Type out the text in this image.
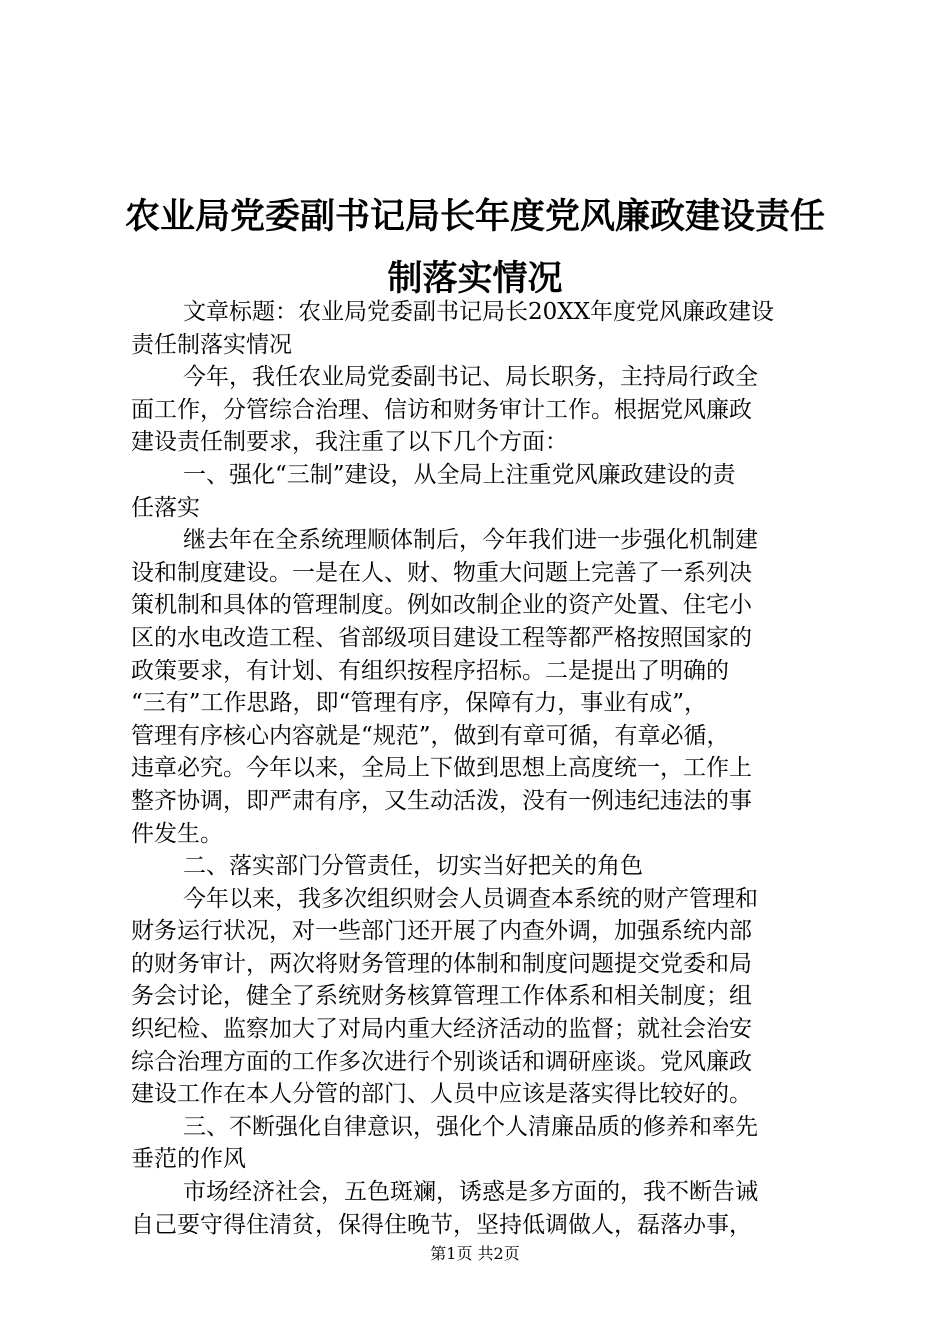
农业局党委副书记局长年度党风廉政建设责任
制落实情况
文章标题：农业局党委副书记局长20XX年度党风廉政建设
责任制落实情况
今年，我任农业局党委副书记、局长职务，主持局行政全
面工作，分管综合治理、信访和财务审计工作。根据党风廉政
建设责任制要求，我注重了以下几个方面：
一、强化“三制”建设，从全局上注重党风廉政建设的责
任落实
继去年在全系统理顺体制后，今年我们进一步强化机制建
设和制度建设。一是在人、财、物重大问题上完善了一系列决
策机制和具体的管理制度。例如改制企业的资产处置、住宅小
区的水电改造工程、省部级项目建设工程等都严格按照国家的
政策要求，有计划、有组织按程序招标。二是提出了明确的
“三有”工作思路，即“管理有序，保障有力，事业有成”，
管理有序核心内容就是“规范”，做到有章可循，有章必循，
违章必究。今年以来，全局上下做到思想上高度统一，工作上
整齐协调，即严肃有序，又生动活泼，没有一例违纪违法的事
件发生。
二、落实部门分管责任，切实当好把关的角色
今年以来，我多次组织财会人员调查本系统的财产管理和
财务运行状况，对一些部门还开展了内查外调，加强系统内部
的财务审计，两次将财务管理的体制和制度问题提交党委和局
务会讨论，健全了系统财务核算管理工作体系和相关制度；组
织纪检、监察加大了对局内重大经济活动的监督；就社会治安
综合治理方面的工作多次进行个别谈话和调研座谈。党风廉政
建设工作在本人分管的部门、人员中应该是落实得比较好的。
三、不断强化自律意识，强化个人清廉品质的修养和率先
垂范的作风
市场经济社会，五色斑斓，诱惑是多方面的，我不断告诫
自己要守得住清贫，保得住晚节，坚持低调做人，磊落办事，
第1页 共2页
